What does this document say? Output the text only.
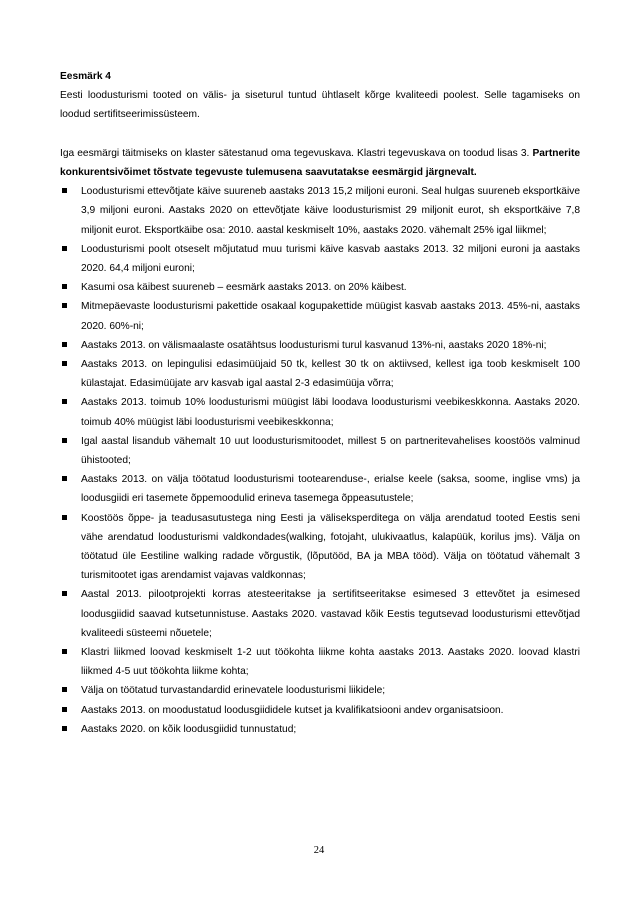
Eesmärk 4

Eesti loodusturismi tooted on välis- ja siseturul tuntud ühtlaselt kõrge kvaliteedi poolest. Selle tagamiseks on loodud sertifitseerimissüsteem.

Iga eesmärgi täitmiseks on klaster sätestanud oma tegevuskava. Klastri tegevuskava on toodud lisas 3. Partnerite konkurentsivõimet tõstvate tegevuste tulemusena saavutatakse eesmärgid järgnevalt.

Loodusturismi ettevõtjate käive suureneb aastaks 2013 15,2 miljoni euroni. Seal hulgas suureneb eksportkäive 3,9 miljoni euroni. Aastaks 2020 on ettevõtjate käive loodusturismist 29 miljonit eurot, sh eksportkäive 7,8 miljonit eurot. Eksportkäibe osa: 2010. aastal keskmiselt 10%, aastaks 2020. vähemalt 25% igal liikmel;
Loodusturismi poolt otseselt mõjutatud muu turismi käive kasvab aastaks 2013. 32 miljoni euroni ja aastaks 2020. 64,4 miljoni euroni;
Kasumi osa käibest suureneb – eesmärk aastaks 2013. on 20% käibest.
Mitmepäevaste loodusturismi pakettide osakaal kogupakettide müügist kasvab aastaks 2013. 45%-ni, aastaks 2020. 60%-ni;
Aastaks 2013. on välismaalaste osatähtsus loodusturismi turul kasvanud 13%-ni, aastaks 2020 18%-ni;
Aastaks 2013. on lepingulisi edasimüüjaid 50 tk, kellest 30 tk on aktiivsed, kellest iga toob keskmiselt 100 külastajat. Edasimüüjate arv kasvab igal aastal 2-3 edasimüüja võrra;
Aastaks 2013. toimub 10% loodusturismi müügist läbi loodava loodusturismi veebikeskkonna. Aastaks 2020. toimub 40% müügist läbi loodusturismi veebikeskkonna;
Igal aastal lisandub vähemalt 10 uut loodusturismitoodet, millest 5 on partneritevahelises koostöös valminud ühistooted;
Aastaks 2013. on välja töötatud loodusturismi tootearenduse-, erialse keele (saksa, soome, inglise vms) ja loodusgiidi eri tasemete õppemoodulid erineva tasemega õppeasutustele;
Koostöös õppe- ja teadusasutustega ning Eesti ja väliseksperditega on välja arendatud tooted Eestis seni vähe arendatud loodusturismi valdkondades(walking, fotojaht, ulukivaatlus, kalapüük, korilus jms). Välja on töötatud üle Eestiline walking radade võrgustik, (lõputööd, BA ja MBA tööd). Välja on töötatud vähemalt 3 turismitootet igas arendamist vajavas valdkonnas;
Aastal 2013. pilootprojekti korras atesteeritakse ja sertifitseeritakse esimesed 3 ettevõtet ja esimesed loodusgiidid saavad kutsetunnistuse. Aastaks 2020. vastavad kõik Eestis tegutsevad loodusturismi ettevõtjad kvaliteedi süsteemi nõuetele;
Klastri liikmed loovad keskmiselt 1-2 uut töökohta liikme kohta aastaks 2013. Aastaks 2020. loovad klastri liikmed 4-5 uut töökohta liikme kohta;
Välja on töötatud turvastandardid erinevatele loodusturismi liikidele;
Aastaks 2013. on moodustatud loodusgiididele kutset ja kvalifikatsiooni andev organisatsioon.
Aastaks 2020. on kõik loodusgiidid tunnustatud;
24
